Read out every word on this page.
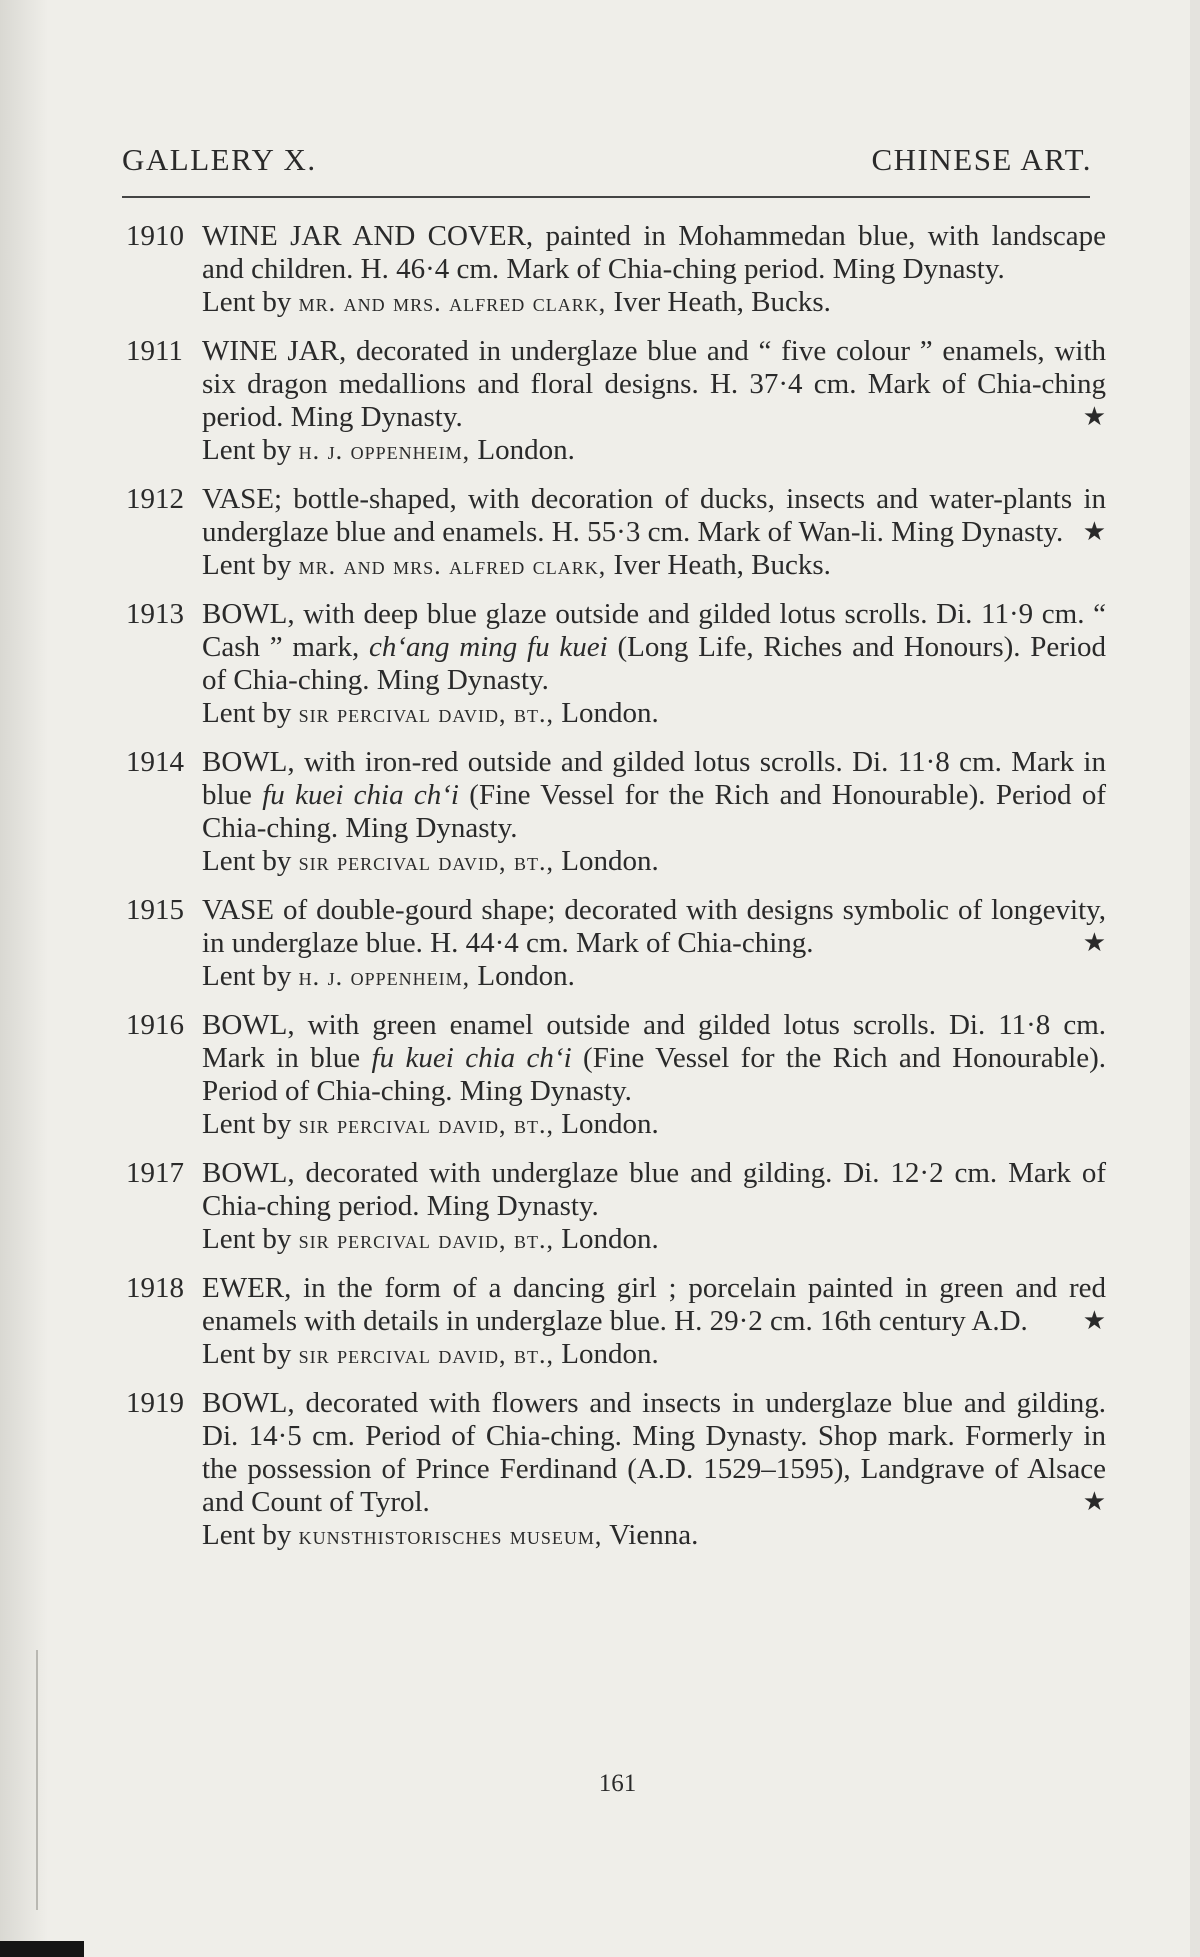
GALLERY X.	CHINESE ART.
1910 WINE JAR AND COVER, painted in Mohammedan blue, with landscape and children. H. 46·4 cm. Mark of Chia-ching period. Ming Dynasty.
Lent by mr. and mrs. alfred clark, Iver Heath, Bucks.
1911 WINE JAR, decorated in underglaze blue and “ five colour ” enamels, with six dragon medallions and floral designs. H. 37·4 cm. Mark of Chia-ching period. Ming Dynasty.	★
Lent by h. j. oppenheim, London.
1912 VASE; bottle-shaped, with decoration of ducks, insects and water-plants in underglaze blue and enamels. H. 55·3 cm. Mark of Wan-li. Ming Dynasty. ★
Lent by mr. and mrs. alfred clark, Iver Heath, Bucks.
1913 BOWL, with deep blue glaze outside and gilded lotus scrolls. Di. 11·9 cm. “ Cash ” mark, ch‘ang ming fu kuei (Long Life, Riches and Honours). Period of Chia-ching. Ming Dynasty.
Lent by sir percival david, bt., London.
1914 BOWL, with iron-red outside and gilded lotus scrolls. Di. 11·8 cm. Mark in blue fu kuei chia ch‘i (Fine Vessel for the Rich and Honourable). Period of Chia-ching. Ming Dynasty.
Lent by sir percival david, bt., London.
1915 VASE of double-gourd shape; decorated with designs symbolic of longevity, in underglaze blue. H. 44·4 cm. Mark of Chia-ching.	★
Lent by h. j. oppenheim, London.
1916 BOWL, with green enamel outside and gilded lotus scrolls. Di. 11·8 cm. Mark in blue fu kuei chia ch‘i (Fine Vessel for the Rich and Honourable). Period of Chia-ching. Ming Dynasty.
Lent by sir percival david, bt., London.
1917 BOWL, decorated with underglaze blue and gilding. Di. 12·2 cm. Mark of Chia-ching period. Ming Dynasty.
Lent by sir percival david, bt., London.
1918 EWER, in the form of a dancing girl ; porcelain painted in green and red enamels with details in underglaze blue. H. 29·2 cm. 16th century A.D. ★
Lent by sir percival david, bt., London.
1919 BOWL, decorated with flowers and insects in underglaze blue and gilding. Di. 14·5 cm. Period of Chia-ching. Ming Dynasty. Shop mark. Formerly in the possession of Prince Ferdinand (A.D. 1529–1595), Landgrave of Alsace and Count of Tyrol.	★
Lent by kunsthistorisches museum, Vienna.
161
